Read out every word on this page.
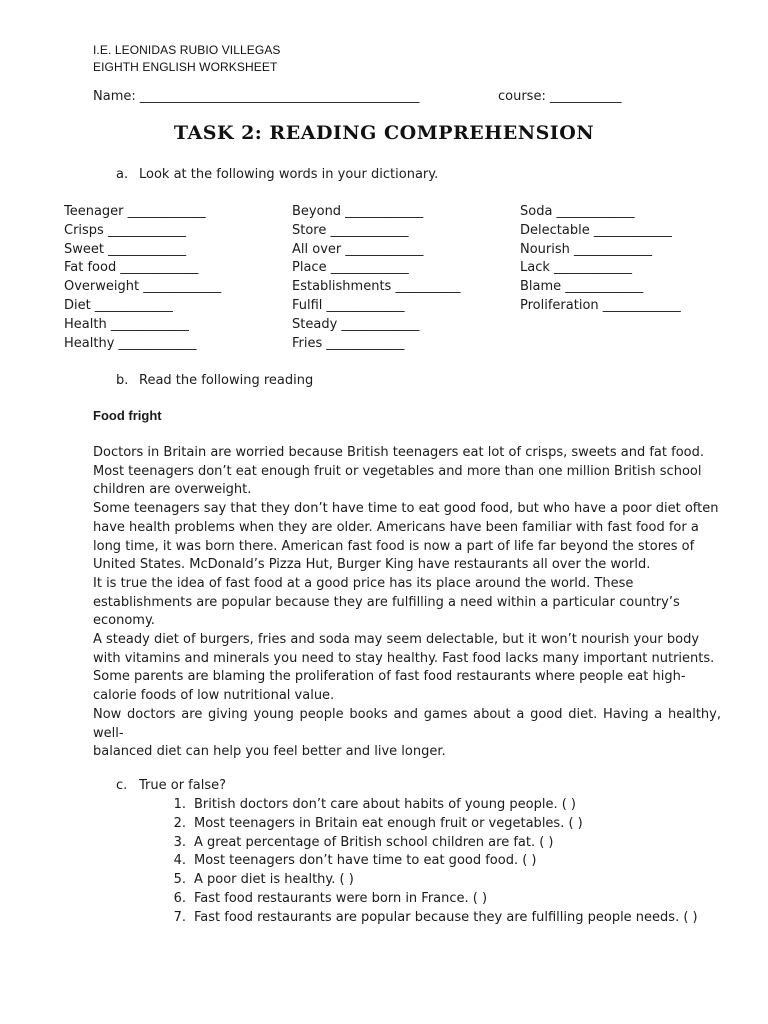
I.E. LEONIDAS RUBIO VILLEGAS
EIGHTH ENGLISH WORKSHEET
Name: ___________________________________________	course: ___________
TASK 2: READING COMPREHENSION
a. Look at the following words in your dictionary.
Teenager ____________
Crisps ____________
Sweet ____________
Fat food ____________
Overweight ____________
Diet ____________
Health ____________
Healthy ____________
Beyond ____________
Store ____________
All over ____________
Place ____________
Establishments __________
Fulfil ____________
Steady ____________
Fries ____________
Soda ____________
Delectable ____________
Nourish ____________
Lack ____________
Blame ____________
Proliferation ____________
b. Read the following reading
Food fright
Doctors in Britain are worried because British teenagers eat lot of crisps, sweets and fat food.
Most teenagers don’t eat enough fruit or vegetables and more than one million British school
children are overweight.
Some teenagers say that they don’t have time to eat good food, but who have a poor diet often
have health problems when they are older. Americans have been familiar with fast food for a
long time, it was born there. American fast food is now a part of life far beyond the stores of
United States. McDonald’s Pizza Hut, Burger King have restaurants all over the world.
It is true the idea of fast food at a good price has its place around the world. These
establishments are popular because they are fulfilling a need within a particular country’s
economy.
A steady diet of burgers, fries and soda may seem delectable, but it won’t nourish your body
with vitamins and minerals you need to stay healthy. Fast food lacks many important nutrients.
Some parents are blaming the proliferation of fast food restaurants where people eat high-
calorie foods of low nutritional value.
Now doctors are giving young people books and games about a good diet. Having a healthy, well-
balanced diet can help you feel better and live longer.
c. True or false?
1. British doctors don’t care about habits of young people. ( )
2. Most teenagers in Britain eat enough fruit or vegetables. ( )
3. A great percentage of British school children are fat. ( )
4. Most teenagers don’t have time to eat good food. ( )
5. A poor diet is healthy. ( )
6. Fast food restaurants were born in France. ( )
7. Fast food restaurants are popular because they are fulfilling people needs. ( )
